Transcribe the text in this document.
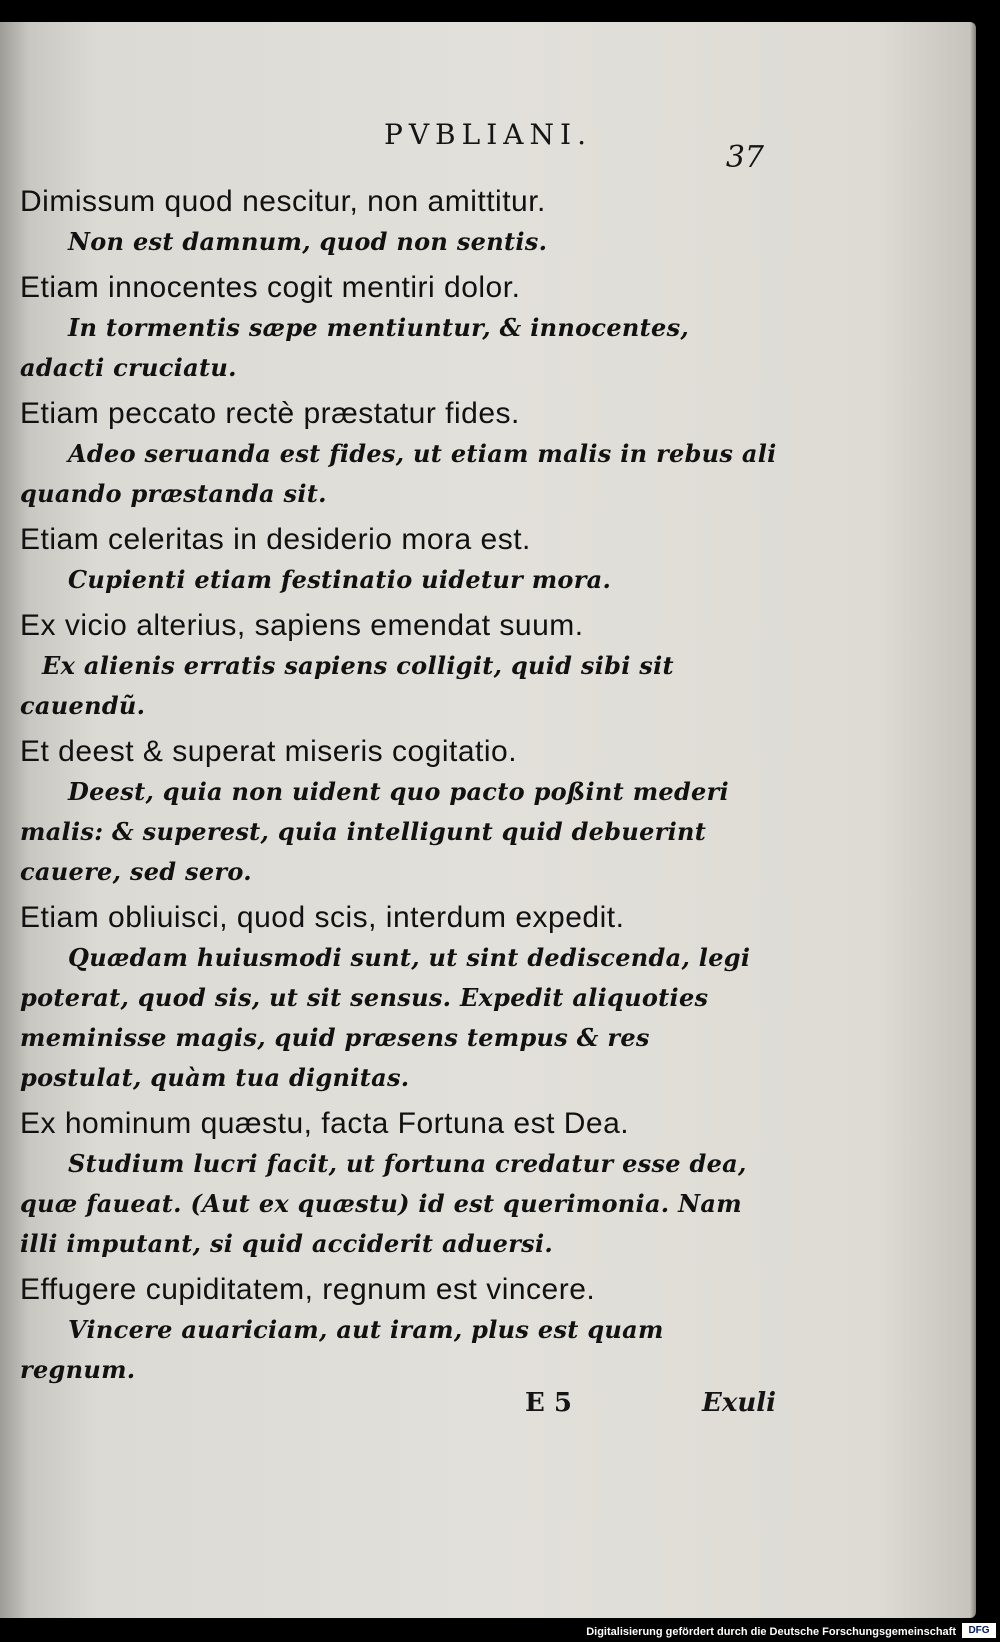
PVBLIANI.
37

Dimissum quod nescitur, non amittitur.

Non est damnum, quod non sentis.

Etiam innocentes cogit mentiri dolor.

In tormentis sæpe mentiuntur, & innocentes, adacti cruciatu.

Etiam peccato rectè præstatur fides.

Adeo seruanda est fides, ut etiam malis in rebus ali quando præstanda sit.

Etiam celeritas in desiderio mora est.

Cupienti etiam festinatio uidetur mora.

Ex vicio alterius, sapiens emendat suum.

Ex alienis erratis sapiens colligit, quid sibi sit cauendũ.

Et deest & superat miseris cogitatio.

Deest, quia non uident quo pacto poßint mederi malis: & superest, quia intelligunt quid debuerint cauere, sed sero.

Etiam obliuisci, quod scis, interdum expedit.

Quædam huiusmodi sunt, ut sint dediscenda, legi poterat, quod sis, ut sit sensus. Expedit aliquoties meminisse magis, quid præsens tempus & res postulat, quàm tua dignitas.

Ex hominum quæstu, facta Fortuna est Dea.

Studium lucri facit, ut fortuna credatur esse dea, quæ faueat. (Aut ex quæstu) id est querimonia. Nam illi imputant, si quid acciderit aduersi.

Effugere cupiditatem, regnum est vincere.

Vincere auariciam, aut iram, plus est quam regnum.

E 5	Exuli
Digitalisierung gefördert durch die Deutsche Forschungsgemeinschaft	DFG
